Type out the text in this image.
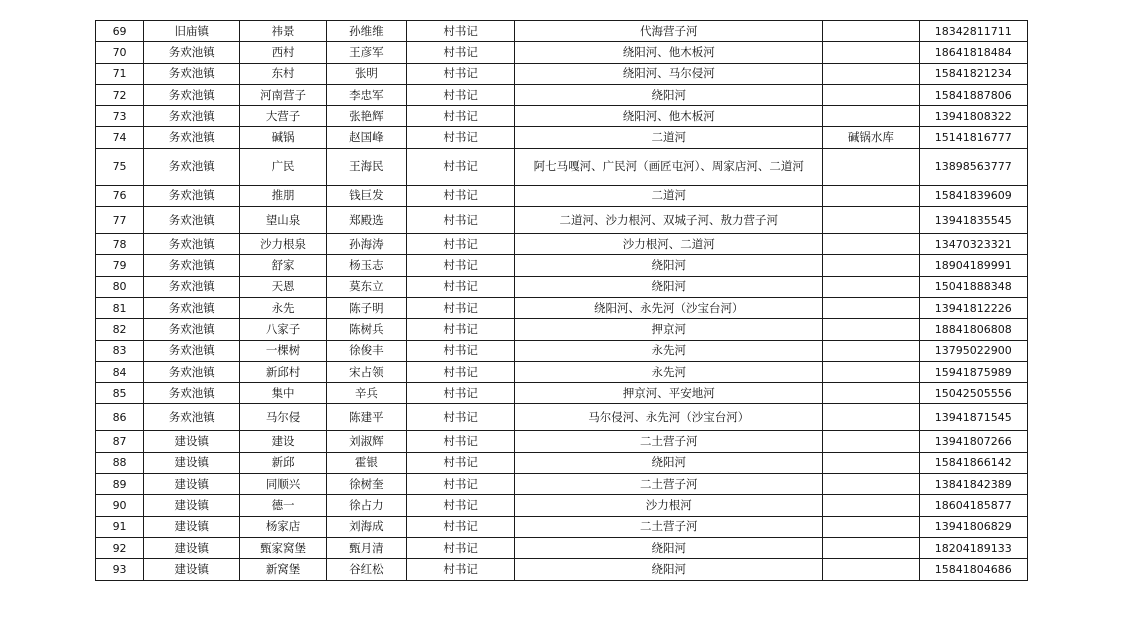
69	旧庙镇	祎景	孙维维	村书记	代海营子河		18342811711
70	务欢池镇	西村	王彦军	村书记	绕阳河、他木板河		18641818484
71	务欢池镇	东村	张明	村书记	绕阳河、马尔侵河		15841821234
72	务欢池镇	河南营子	李忠军	村书记	绕阳河		15841887806
73	务欢池镇	大营子	张艳辉	村书记	绕阳河、他木板河		13941808322
74	务欢池镇	碱锅	赵国峰	村书记	二道河	碱锅水库	15141816777
75	务欢池镇	广民	王海民	村书记	阿七马嘎河、广民河（画匠屯河）、周家店河、二道河		13898563777
76	务欢池镇	推朋	钱巨发	村书记	二道河		15841839609
77	务欢池镇	望山泉	郑殿选	村书记	二道河、沙力根河、双城子河、敖力营子河		13941835545
78	务欢池镇	沙力根泉	孙海涛	村书记	沙力根河、二道河		13470323321
79	务欢池镇	舒家	杨玉志	村书记	绕阳河		18904189991
80	务欢池镇	天恩	莫东立	村书记	绕阳河		15041888348
81	务欢池镇	永先	陈子明	村书记	绕阳河、永先河（沙宝台河）		13941812226
82	务欢池镇	八家子	陈树兵	村书记	押京河		18841806808
83	务欢池镇	一棵树	徐俊丰	村书记	永先河		13795022900
84	务欢池镇	新邱村	宋占领	村书记	永先河		15941875989
85	务欢池镇	集中	辛兵	村书记	押京河、平安地河		15042505556
86	务欢池镇	马尔侵	陈建平	村书记	马尔侵河、永先河（沙宝台河）		13941871545
87	建设镇	建设	刘淑辉	村书记	二土营子河		13941807266
88	建设镇	新邱	霍银	村书记	绕阳河		15841866142
89	建设镇	同顺兴	徐树奎	村书记	二土营子河		13841842389
90	建设镇	德一	徐占力	村书记	沙力根河		18604185877
91	建设镇	杨家店	刘海成	村书记	二土营子河		13941806829
92	建设镇	甄家窝堡	甄月清	村书记	绕阳河		18204189133
93	建设镇	新窝堡	谷红松	村书记	绕阳河		15841804686
